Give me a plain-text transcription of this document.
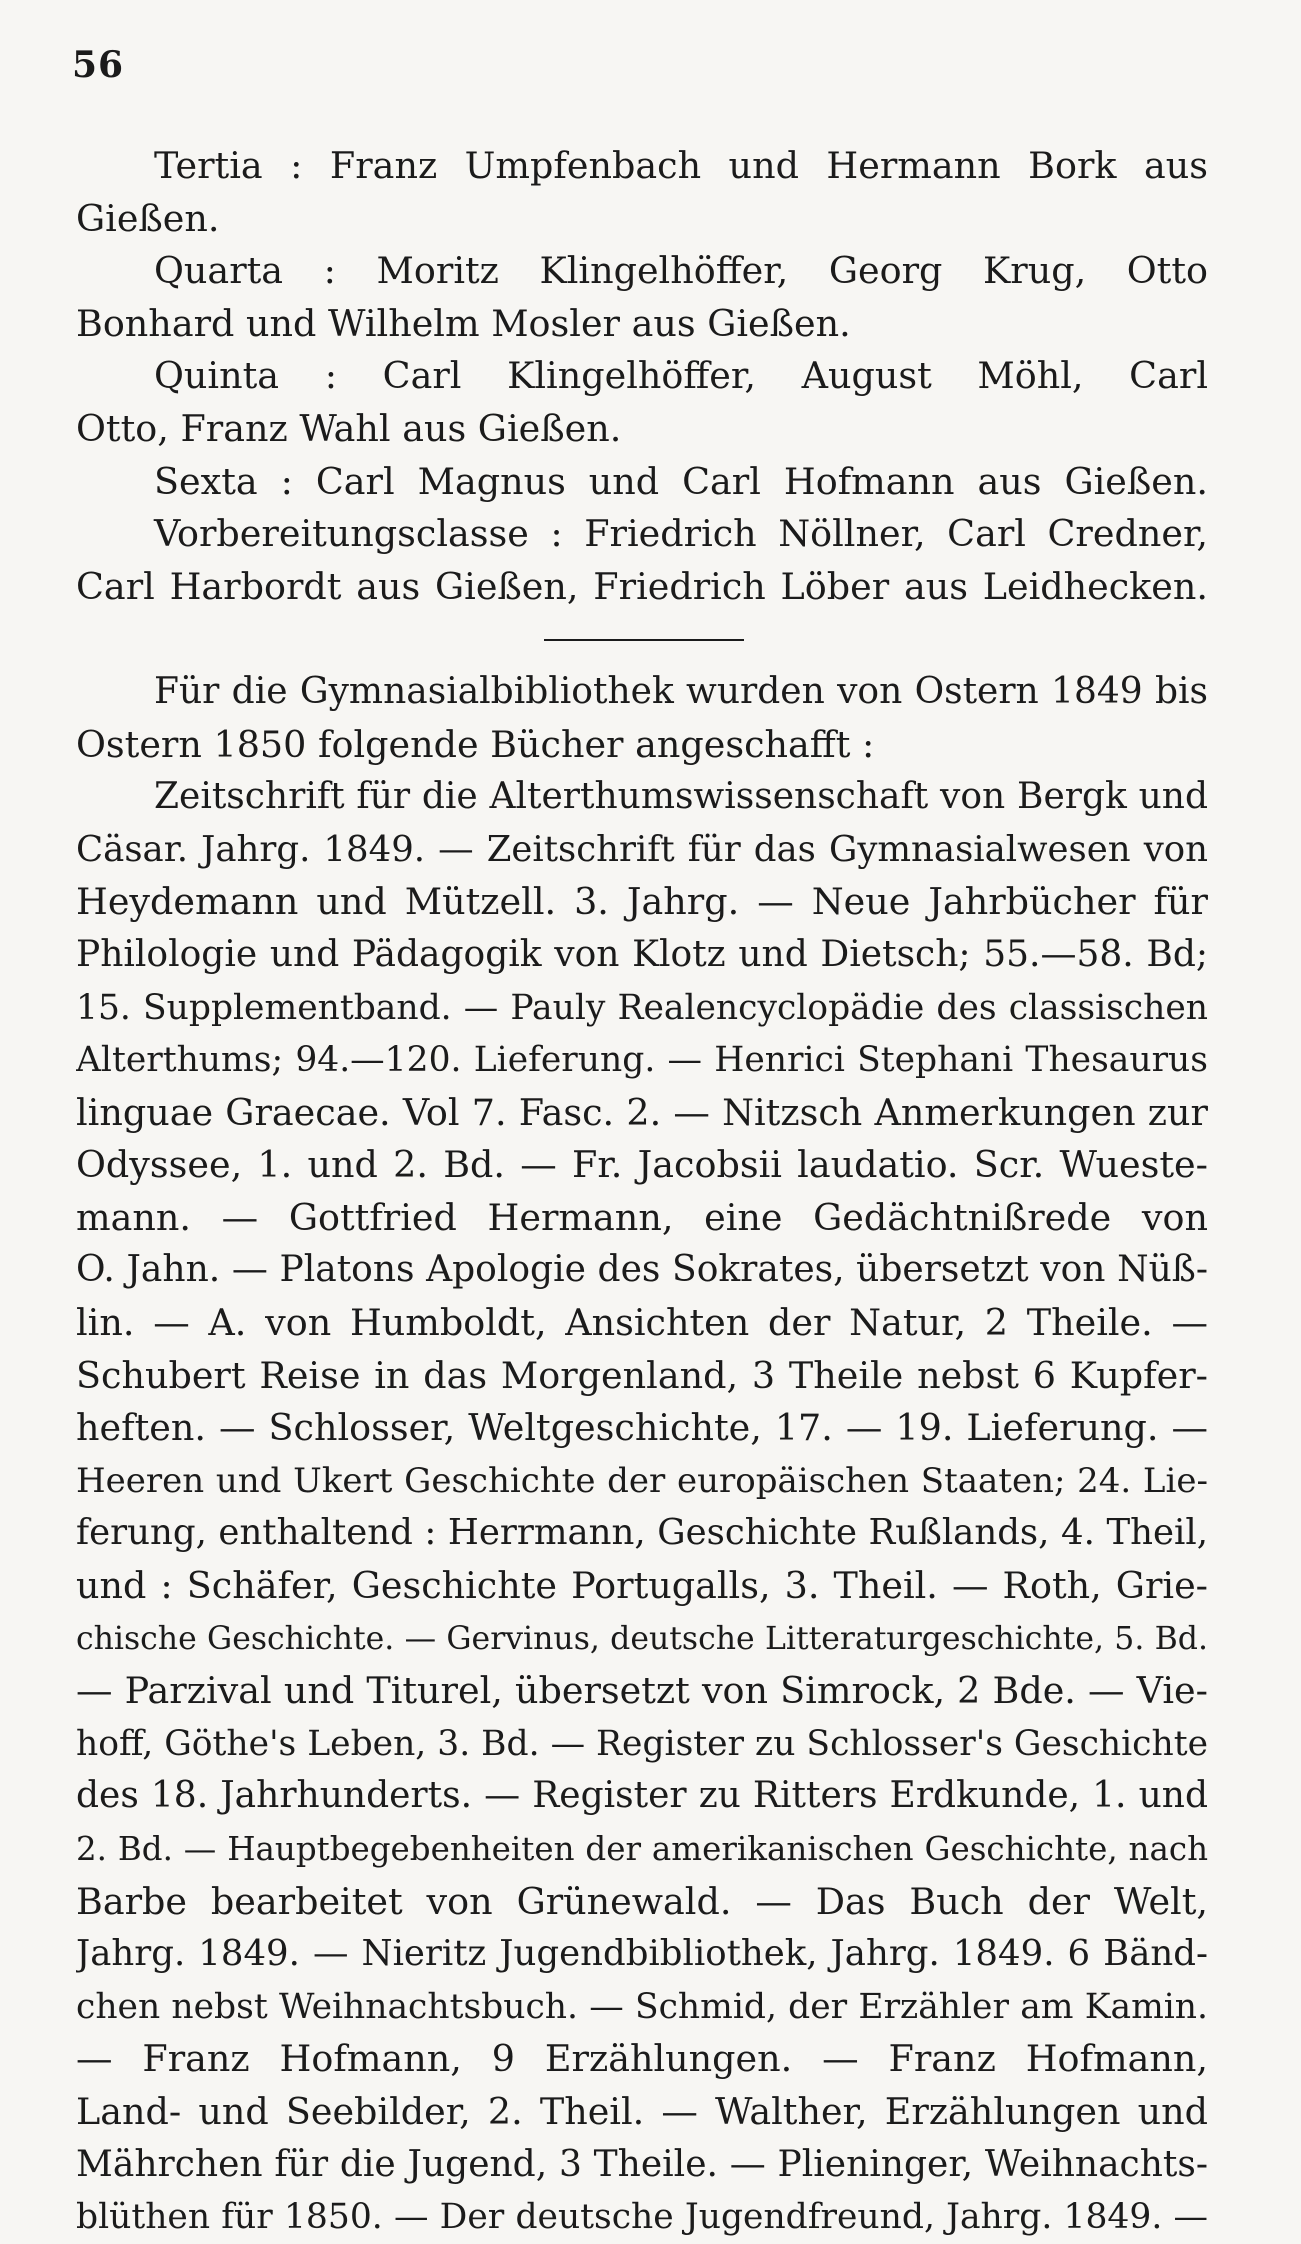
56
Tertia : Franz Umpfenbach und Hermann Bork aus
Gießen.
Quarta : Moritz Klingelhöffer, Georg Krug, Otto
Bonhard und Wilhelm Mosler aus Gießen.
Quinta : Carl Klingelhöffer, August Möhl, Carl
Otto, Franz Wahl aus Gießen.
Sexta : Carl Magnus und Carl Hofmann aus Gießen.
Vorbereitungsclasse : Friedrich Nöllner, Carl Credner,
Carl Harbordt aus Gießen, Friedrich Löber aus Leidhecken.
Für die Gymnasialbibliothek wurden von Ostern 1849 bis
Ostern 1850 folgende Bücher angeschafft :
Zeitschrift für die Alterthumswissenschaft von Bergk und
Cäsar. Jahrg. 1849. — Zeitschrift für das Gymnasialwesen von
Heydemann und Mützell. 3. Jahrg. — Neue Jahrbücher für
Philologie und Pädagogik von Klotz und Dietsch; 55.—58. Bd;
15. Supplementband. — Pauly Realencyclopädie des classischen
Alterthums; 94.—120. Lieferung. — Henrici Stephani Thesaurus
linguae Graecae. Vol 7. Fasc. 2. — Nitzsch Anmerkungen zur
Odyssee, 1. und 2. Bd. — Fr. Jacobsii laudatio. Scr. Wueste-
mann. — Gottfried Hermann, eine Gedächtnißrede von
O. Jahn. — Platons Apologie des Sokrates, übersetzt von Nüß-
lin. — A. von Humboldt, Ansichten der Natur, 2 Theile. —
Schubert Reise in das Morgenland, 3 Theile nebst 6 Kupfer-
heften. — Schlosser, Weltgeschichte, 17. — 19. Lieferung. —
Heeren und Ukert Geschichte der europäischen Staaten; 24. Lie-
ferung, enthaltend : Herrmann, Geschichte Rußlands, 4. Theil,
und : Schäfer, Geschichte Portugalls, 3. Theil. — Roth, Grie-
chische Geschichte. — Gervinus, deutsche Litteraturgeschichte, 5. Bd.
— Parzival und Titurel, übersetzt von Simrock, 2 Bde. — Vie-
hoff, Göthe's Leben, 3. Bd. — Register zu Schlosser's Geschichte
des 18. Jahrhunderts. — Register zu Ritters Erdkunde, 1. und
2. Bd. — Hauptbegebenheiten der amerikanischen Geschichte, nach
Barbe bearbeitet von Grünewald. — Das Buch der Welt,
Jahrg. 1849. — Nieritz Jugendbibliothek, Jahrg. 1849. 6 Bänd-
chen nebst Weihnachtsbuch. — Schmid, der Erzähler am Kamin.
— Franz Hofmann, 9 Erzählungen. — Franz Hofmann,
Land- und Seebilder, 2. Theil. — Walther, Erzählungen und
Mährchen für die Jugend, 3 Theile. — Plieninger, Weihnachts-
blüthen für 1850. — Der deutsche Jugendfreund, Jahrg. 1849. —
